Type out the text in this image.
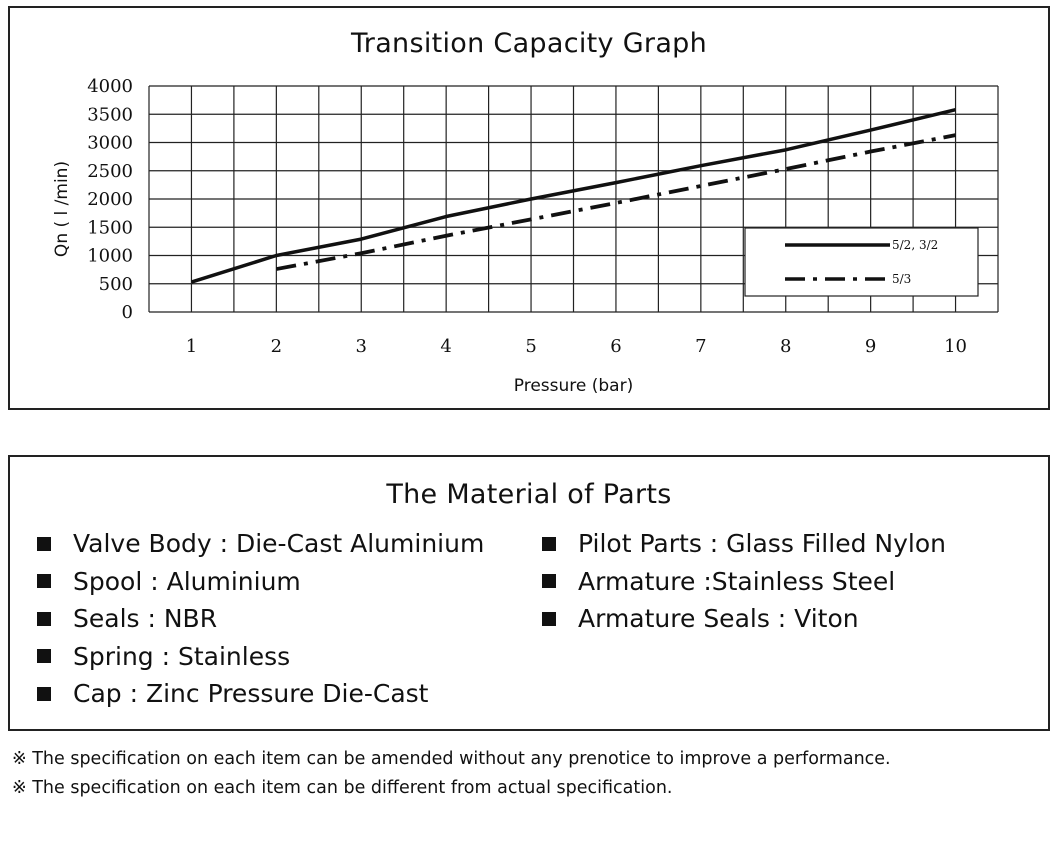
Transition Capacity Graph
0
500
1000
1500
2000
2500
3000
3500
4000
1	2	3	4	5	6	7	8	9	10
Pressure (bar)
Qn ( l /min)	5/2, 3/2
5/3
The Material of Parts
Valve Body : Die-Cast Aluminium
Spool : Aluminium
Seals : NBR
Spring : Stainless
Cap : Zinc Pressure Die-Cast
Pilot Parts : Glass Filled Nylon
Armature :Stainless Steel
Armature Seals : Viton
※ The specification on each item can be amended without any prenotice to improve a performance.
※ The specification on each item can be different from actual specification.
